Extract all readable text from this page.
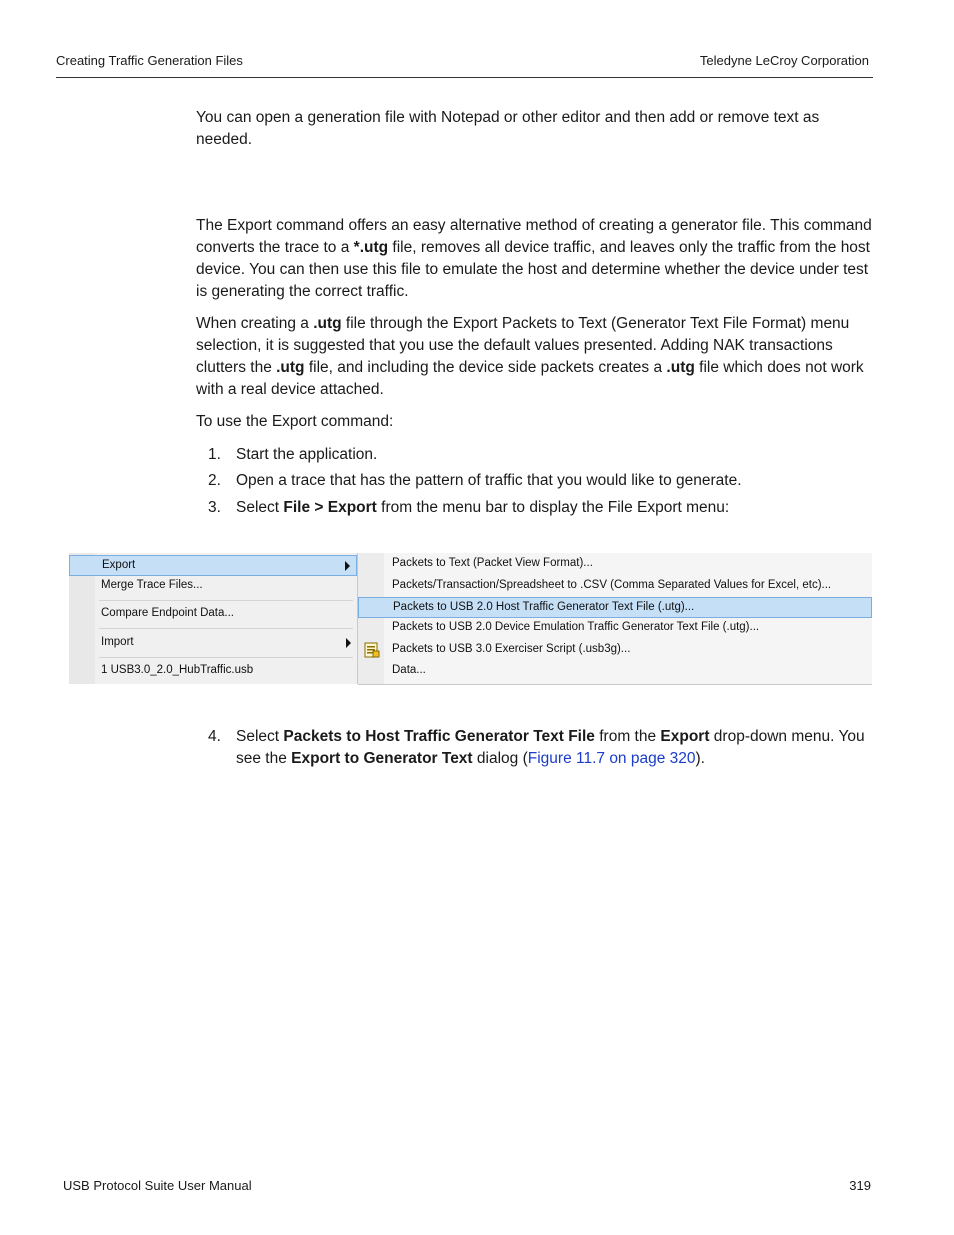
Creating Traffic Generation Files	Teledyne LeCroy Corporation

You can open a generation file with Notepad or other editor and then add or remove text as needed.

The Export command offers an easy alternative method of creating a generator file. This command converts the trace to a *.utg file, removes all device traffic, and leaves only the traffic from the host device. You can then use this file to emulate the host and determine whether the device under test is generating the correct traffic.

When creating a .utg file through the Export Packets to Text (Generator Text File Format) menu selection, it is suggested that you use the default values presented. Adding NAK transactions clutters the .utg file, and including the device side packets creates a .utg file which does not work with a real device attached.

To use the Export command:

1. Start the application.
2. Open a trace that has the pattern of traffic that you would like to generate.
3. Select File > Export from the menu bar to display the File Export menu:
Export
Merge Trace Files...
Compare Endpoint Data...
Import
1 USB3.0_2.0_HubTraffic.usb
Packets to Text (Packet View Format)...
Packets/Transaction/Spreadsheet to .CSV (Comma Separated Values for Excel, etc)...
Packets to USB 2.0 Host Traffic Generator Text File (.utg)...
Packets to USB 2.0 Device Emulation Traffic Generator Text File (.utg)...
Packets to USB 3.0 Exerciser Script (.usb3g)...
Data...
4. Select Packets to Host Traffic Generator Text File from the Export drop-down menu. You see the Export to Generator Text dialog (Figure 11.7 on page 320).
USB Protocol Suite User Manual	319
